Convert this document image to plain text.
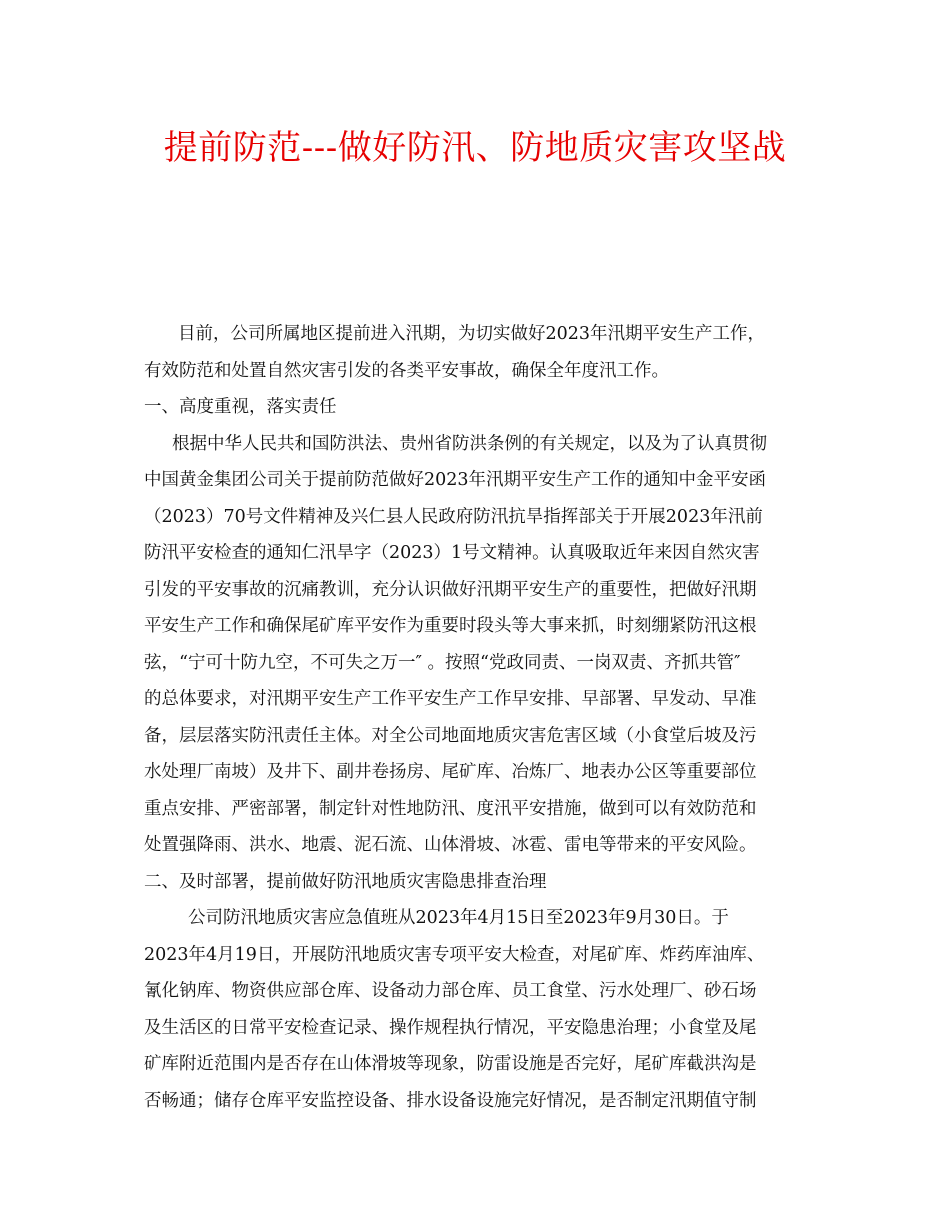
提前防范---做好防汛、防地质灾害攻坚战
目前，公司所属地区提前进入汛期，为切实做好2023年汛期平安生产工作，
有效防范和处置自然灾害引发的各类平安事故，确保全年度汛工作。
一、高度重视，落实责任
根据中华人民共和国防洪法、贵州省防洪条例的有关规定，以及为了认真贯彻
中国黄金集团公司关于提前防范做好2023年汛期平安生产工作的通知中金平安函
（2023）70号文件精神及兴仁县人民政府防汛抗旱指挥部关于开展2023年汛前
防汛平安检查的通知仁汛旱字（2023）1号文精神。认真吸取近年来因自然灾害
引发的平安事故的沉痛教训，充分认识做好汛期平安生产的重要性，把做好汛期
平安生产工作和确保尾矿库平安作为重要时段头等大事来抓，时刻绷紧防汛这根
弦，“宁可十防九空，不可失之万一″ 。按照“党政同责、一岗双责、齐抓共管″
的总体要求，对汛期平安生产工作平安生产工作早安排、早部署、早发动、早准
备，层层落实防汛责任主体。对全公司地面地质灾害危害区域（小食堂后坡及污
水处理厂南坡）及井下、副井卷扬房、尾矿库、冶炼厂、地表办公区等重要部位
重点安排、严密部署，制定针对性地防汛、度汛平安措施，做到可以有效防范和
处置强降雨、洪水、地震、泥石流、山体滑坡、冰雹、雷电等带来的平安风险。
二、及时部署，提前做好防汛地质灾害隐患排查治理
公司防汛地质灾害应急值班从2023年4月15日至2023年9月30日。于
2023年4月19日，开展防汛地质灾害专项平安大检查，对尾矿库、炸药库油库、
氰化钠库、物资供应部仓库、设备动力部仓库、员工食堂、污水处理厂、砂石场
及生活区的日常平安检查记录、操作规程执行情况，平安隐患治理；小食堂及尾
矿库附近范围内是否存在山体滑坡等现象，防雷设施是否完好，尾矿库截洪沟是
否畅通；储存仓库平安监控设备、排水设备设施完好情况，是否制定汛期值守制
